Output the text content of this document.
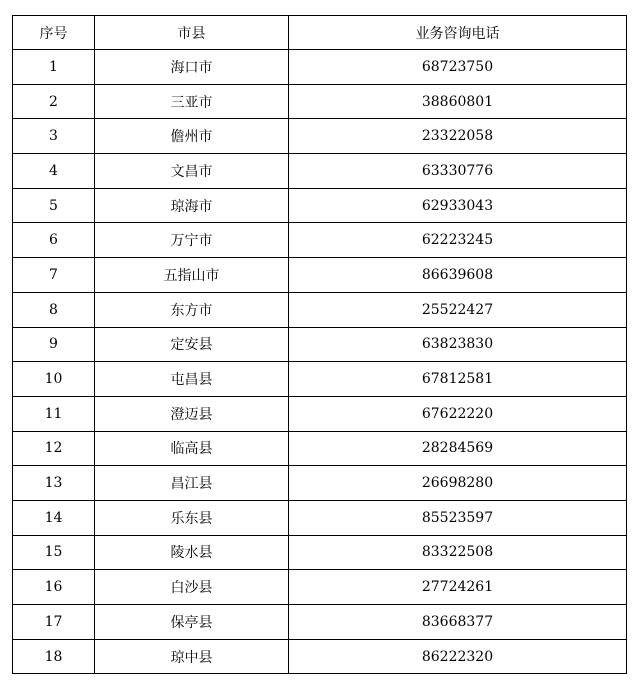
序号	市县	业务咨询电话
1	海口市	68723750
2	三亚市	38860801
3	儋州市	23322058
4	文昌市	63330776
5	琼海市	62933043
6	万宁市	62223245
7	五指山市	86639608
8	东方市	25522427
9	定安县	63823830
10	屯昌县	67812581
11	澄迈县	67622220
12	临高县	28284569
13	昌江县	26698280
14	乐东县	85523597
15	陵水县	83322508
16	白沙县	27724261
17	保亭县	83668377
18	琼中县	86222320
